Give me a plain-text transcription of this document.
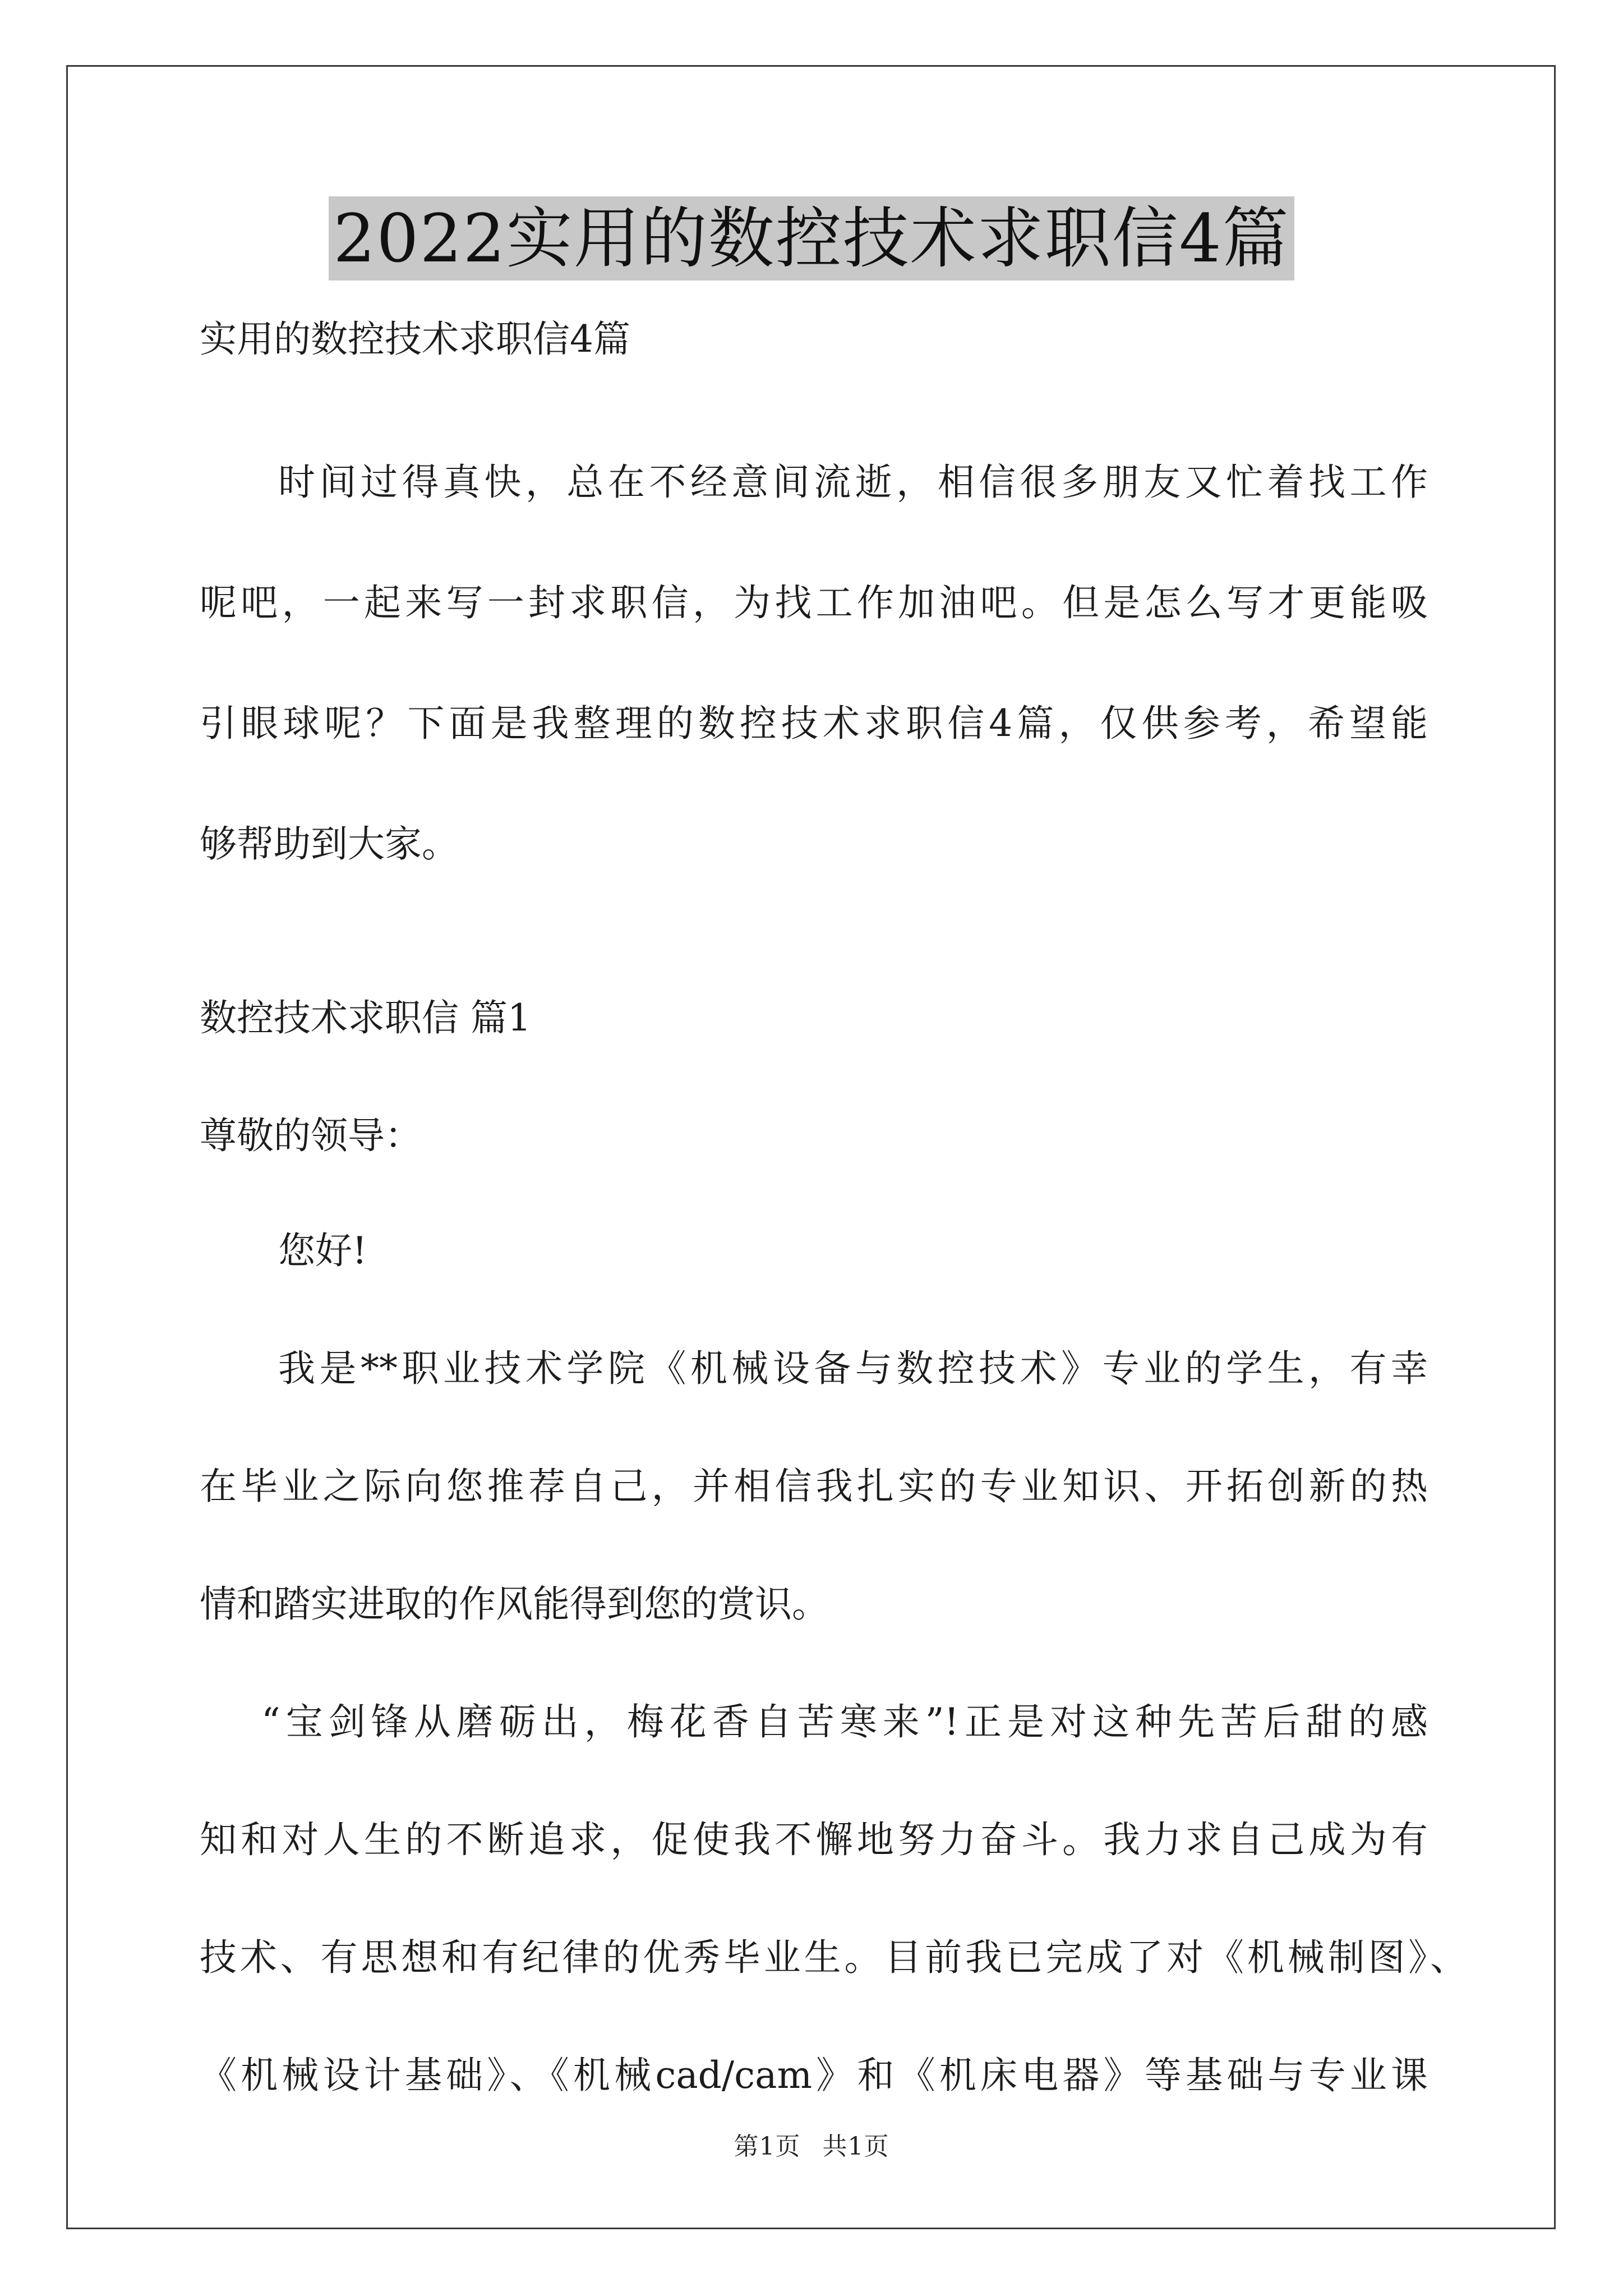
2022实用的数控技术求职信4篇
实用的数控技术求职信4篇
时间过得真快，总在不经意间流逝，相信很多朋友又忙着找工作
呢吧，一起来写一封求职信，为找工作加油吧。但是怎么写才更能吸
引眼球呢？下面是我整理的数控技术求职信4篇，仅供参考，希望能
够帮助到大家。
数控技术求职信 篇1
尊敬的领导：
您好!
我是**职业技术学院《机械设备与数控技术》专业的学生，有幸
在毕业之际向您推荐自己，并相信我扎实的专业知识、开拓创新的热
情和踏实进取的作风能得到您的赏识。
“宝剑锋从磨砺出，梅花香自苦寒来”!正是对这种先苦后甜的感
知和对人生的不断追求，促使我不懈地努力奋斗。我力求自己成为有
技术、有思想和有纪律的优秀毕业生。目前我已完成了对《机械制图》、
《机械设计基础》、《机械cad/cam》和《机床电器》等基础与专业课
第1页 共1页
